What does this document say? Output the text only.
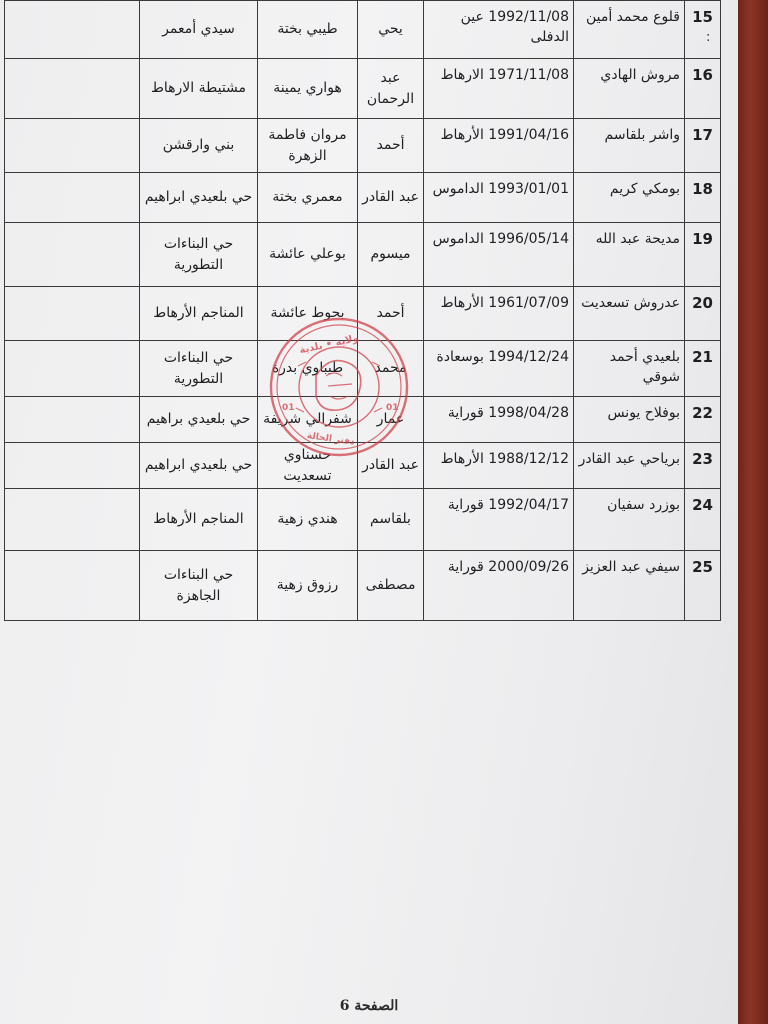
15	قلوع محمد أمين	1992/11/08 عين الدفلى	يحي	طيبي بختة	سيدي أمعمر	
16	مروش الهادي	1971/11/08 الارهاط	عبد الرحمان	هواري يمينة	مشتيطة الارهاط	
17	واشر بلقاسم	1991/04/16 الأرهاط	أحمد	مروان فاطمة الزهرة	بني وارقشن	
18	بومكي كريم	1993/01/01 الداموس	عبد القادر	معمري بختة	حي بلعيدي ابراهيم	
19	مديحة عبد الله	1996/05/14 الداموس	ميسوم	بوعلي عائشة	حي البناءات التطورية	
20	عدروش تسعديت	1961/07/09 الأرهاط	أحمد	بحوط عائشة	المناجم الأرهاط	
21	بلعيدي أحمد شوقي	1994/12/24 بوسعادة	محمد	طيباوي بدرة	حي البناءات التطورية	
22	بوفلاح يونس	1998/04/28 قوراية	عمار	شفرالي شريفة	حي بلعيدي براهيم	
23	برياحي عبد القادر	1988/12/12 الأرهاط	عبد القادر	حسناوي تسعديت	حي بلعيدي ابراهيم	
24	بوزرد سفيان	1992/04/17 قوراية	بلقاسم	هندي زهية	المناجم الأرهاط	
25	سيفي عبد العزيز	2000/09/26 قوراية	مصطفى	رزوق زهية	حي البناءات الجاهزة	
ولاية • بلدية
01	01
دفتر الحالة
:
الصفحة 6
